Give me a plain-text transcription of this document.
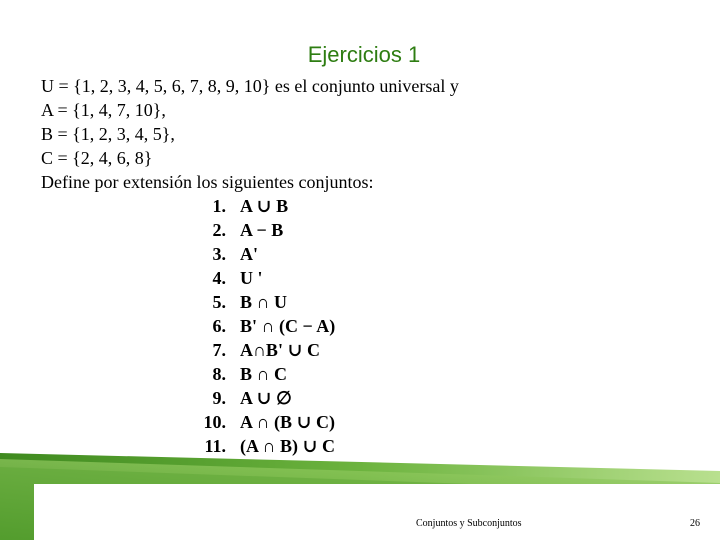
Ejercicios 1
U = {1, 2, 3, 4, 5, 6, 7, 8, 9, 10} es el conjunto universal y
A = {1, 4, 7, 10},
B = {1, 2, 3, 4, 5},
C = {2, 4, 6, 8}
Define por extensión los siguientes conjuntos:
1. A ∪ B
2. A − B
3. A'
4. U '
5. B ∩ U
6. B' ∩ (C − A)
7. A∩B' ∪ C
8. B ∩ C
9. A ∪ ∅
10. A ∩ (B ∪ C)
11. (A ∩ B) ∪ C
Conjuntos y Subconjuntos	26
